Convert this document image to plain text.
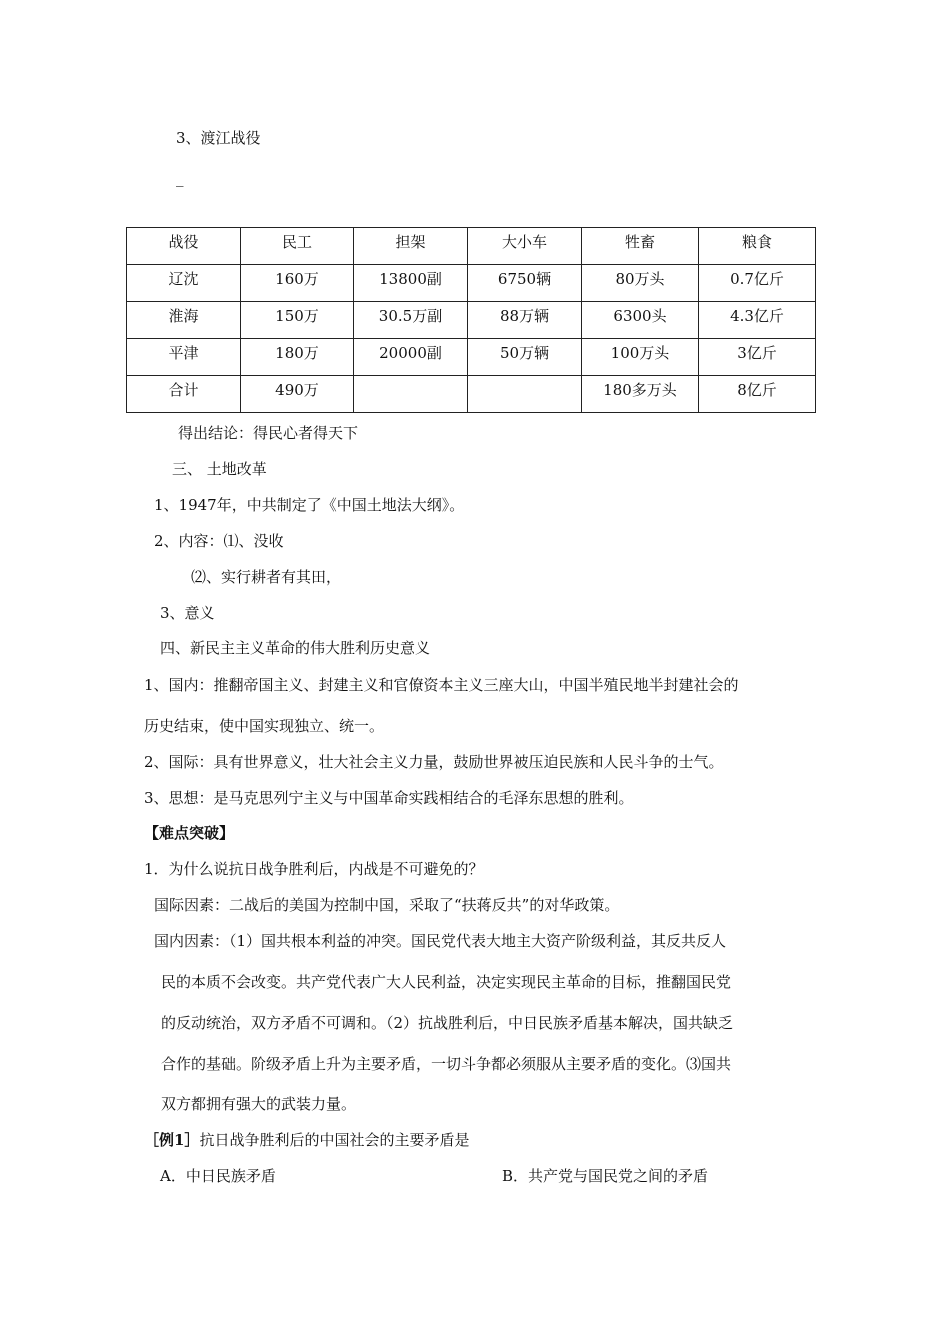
3、渡江战役
_
战役	民工	担架	大小车	牲畜	粮食
辽沈	160万	13800副	6750辆	80万头	0.7亿斤
淮海	150万	30.5万副	88万辆	6300头	4.3亿斤
平津	180万	20000副	50万辆	100万头	3亿斤
合计	490万			180多万头	8亿斤
得出结论：得民心者得天下
三、 土地改革
1、1947年，中共制定了《中国土地法大纲》。
2、内容：⑴、没收
⑵、实行耕者有其田，
3、意义
四、新民主主义革命的伟大胜利历史意义
1、国内：推翻帝国主义、封建主义和官僚资本主义三座大山，中国半殖民地半封建社会的
历史结束，使中国实现独立、统一。
2、国际：具有世界意义，壮大社会主义力量，鼓励世界被压迫民族和人民斗争的士气。
3、思想：是马克思列宁主义与中国革命实践相结合的毛泽东思想的胜利。
【难点突破】
1．为什么说抗日战争胜利后，内战是不可避免的？
国际因素：二战后的美国为控制中国，采取了“扶蒋反共”的对华政策。
国内因素：（1）国共根本利益的冲突。国民党代表大地主大资产阶级利益，其反共反人
民的本质不会改变。共产党代表广大人民利益，决定实现民主革命的目标，推翻国民党
的反动统治，双方矛盾不可调和。（2）抗战胜利后，中日民族矛盾基本解决，国共缺乏
合作的基础。阶级矛盾上升为主要矛盾，一切斗争都必须服从主要矛盾的变化。⑶国共
双方都拥有强大的武装力量。
［例1］抗日战争胜利后的中国社会的主要矛盾是
A．中日民族矛盾	B．共产党与国民党之间的矛盾
